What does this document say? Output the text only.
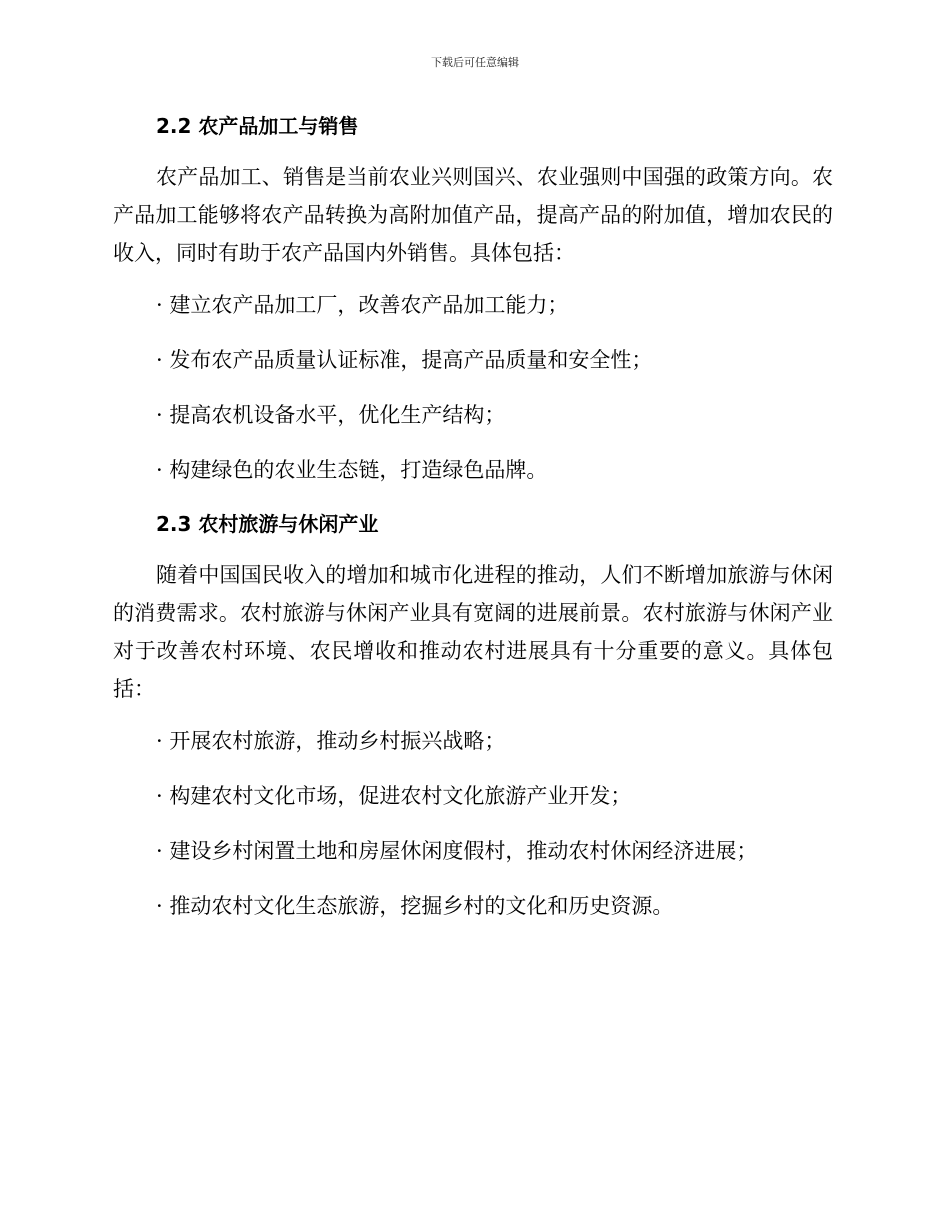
下载后可任意编辑
2.2 农产品加工与销售

农产品加工、销售是当前农业兴则国兴、农业强则中国强的政策方向。农产品加工能够将农产品转换为高附加值产品，提高产品的附加值，增加农民的收入，同时有助于农产品国内外销售。具体包括：

· 建立农产品加工厂，改善农产品加工能力；

· 发布农产品质量认证标准，提高产品质量和安全性；

· 提高农机设备水平，优化生产结构；

· 构建绿色的农业生态链，打造绿色品牌。

2.3 农村旅游与休闲产业

随着中国国民收入的增加和城市化进程的推动，人们不断增加旅游与休闲的消费需求。农村旅游与休闲产业具有宽阔的进展前景。农村旅游与休闲产业对于改善农村环境、农民增收和推动农村进展具有十分重要的意义。具体包括：

· 开展农村旅游，推动乡村振兴战略；

· 构建农村文化市场，促进农村文化旅游产业开发；

· 建设乡村闲置土地和房屋休闲度假村，推动农村休闲经济进展；

· 推动农村文化生态旅游，挖掘乡村的文化和历史资源。
